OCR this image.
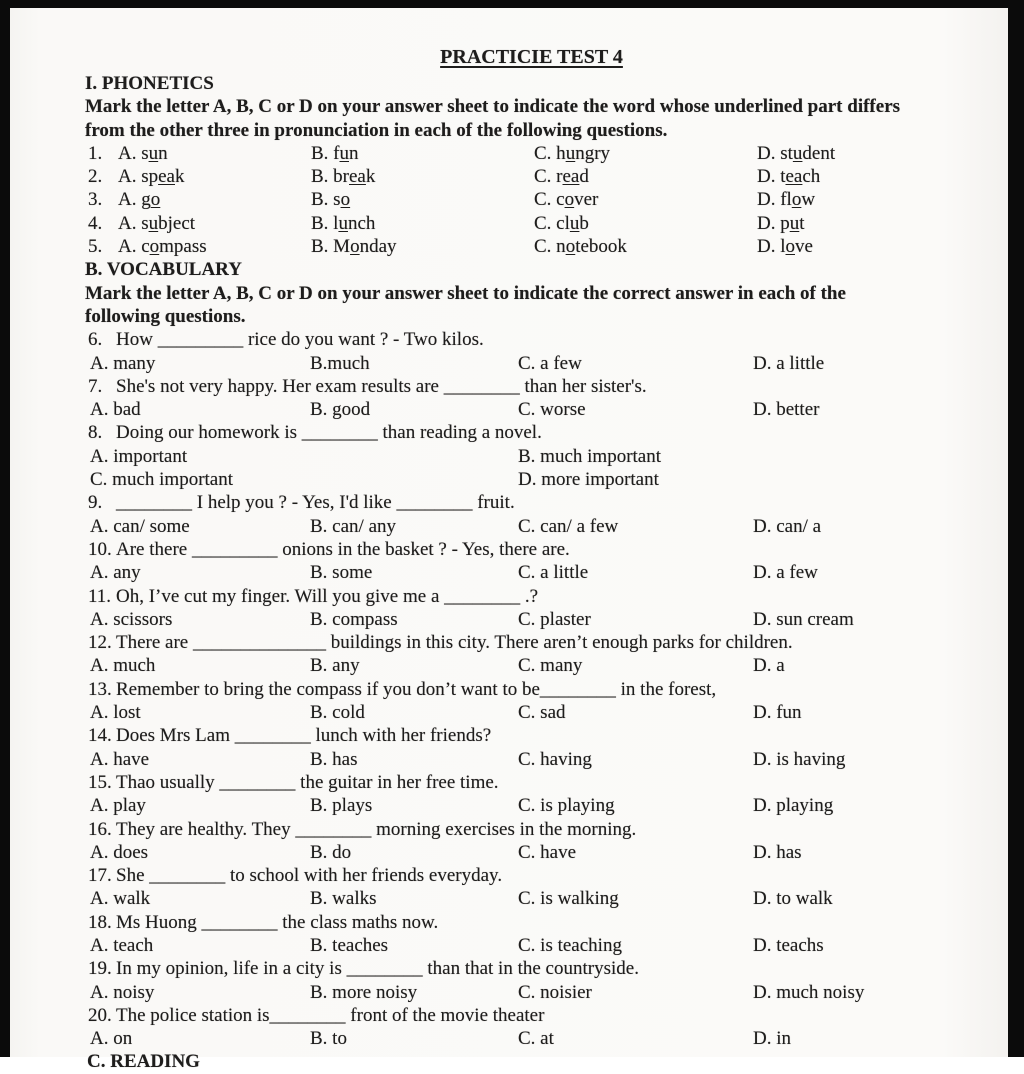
PRACTICIE TEST 4
I. PHONETICS
Mark the letter A, B, C or D on your answer sheet to indicate the word whose underlined part differs
from the other three in pronunciation in each of the following questions.
1. A. sun	B. fun	C. hungry	D. student
2. A. speak	B. break	C. read	D. teach
3. A. go	B. so	C. cover	D. flow
4. A. subject	B. lunch	C. club	D. put
5. A. compass	B. Monday	C. notebook	D. love
B. VOCABULARY
Mark the letter A, B, C or D on your answer sheet to indicate the correct answer in each of the
following questions.
6. How _________ rice do you want ? - Two kilos.
A. many	B.much	C. a few	D. a little
7. She's not very happy. Her exam results are ________ than her sister's.
A. bad	B. good	C. worse	D. better
8. Doing our homework is ________ than reading a novel.
A. important	B. much important
C. much important	D. more important
9. ________ I help you ? - Yes, I'd like ________ fruit.
A. can/ some	B. can/ any	C. can/ a few	D. can/ a
10. Are there _________ onions in the basket ? - Yes, there are.
A. any	B. some	C. a little	D. a few
11. Oh, I’ve cut my finger. Will you give me a ________ .?
A. scissors	B. compass	C. plaster	D. sun cream
12. There are ______________ buildings in this city. There aren’t enough parks for children.
A. much	B. any	C. many	D. a
13. Remember to bring the compass if you don’t want to be________ in the forest,
A. lost	B. cold	C. sad	D. fun
14. Does Mrs Lam ________ lunch with her friends?
A. have	B. has	C. having	D. is having
15. Thao usually ________ the guitar in her free time.
A. play	B. plays	C. is playing	D. playing
16. They are healthy. They ________ morning exercises in the morning.
A. does	B. do	C. have	D. has
17. She ________ to school with her friends everyday.
A. walk	B. walks	C. is walking	D. to walk
18. Ms Huong ________ the class maths now.
A. teach	B. teaches	C. is teaching	D. teachs
19. In my opinion, life in a city is ________ than that in the countryside.
A. noisy	B. more noisy	C. noisier	D. much noisy
20. The police station is________ front of the movie theater
A. on	B. to	C. at	D. in
C. READING
